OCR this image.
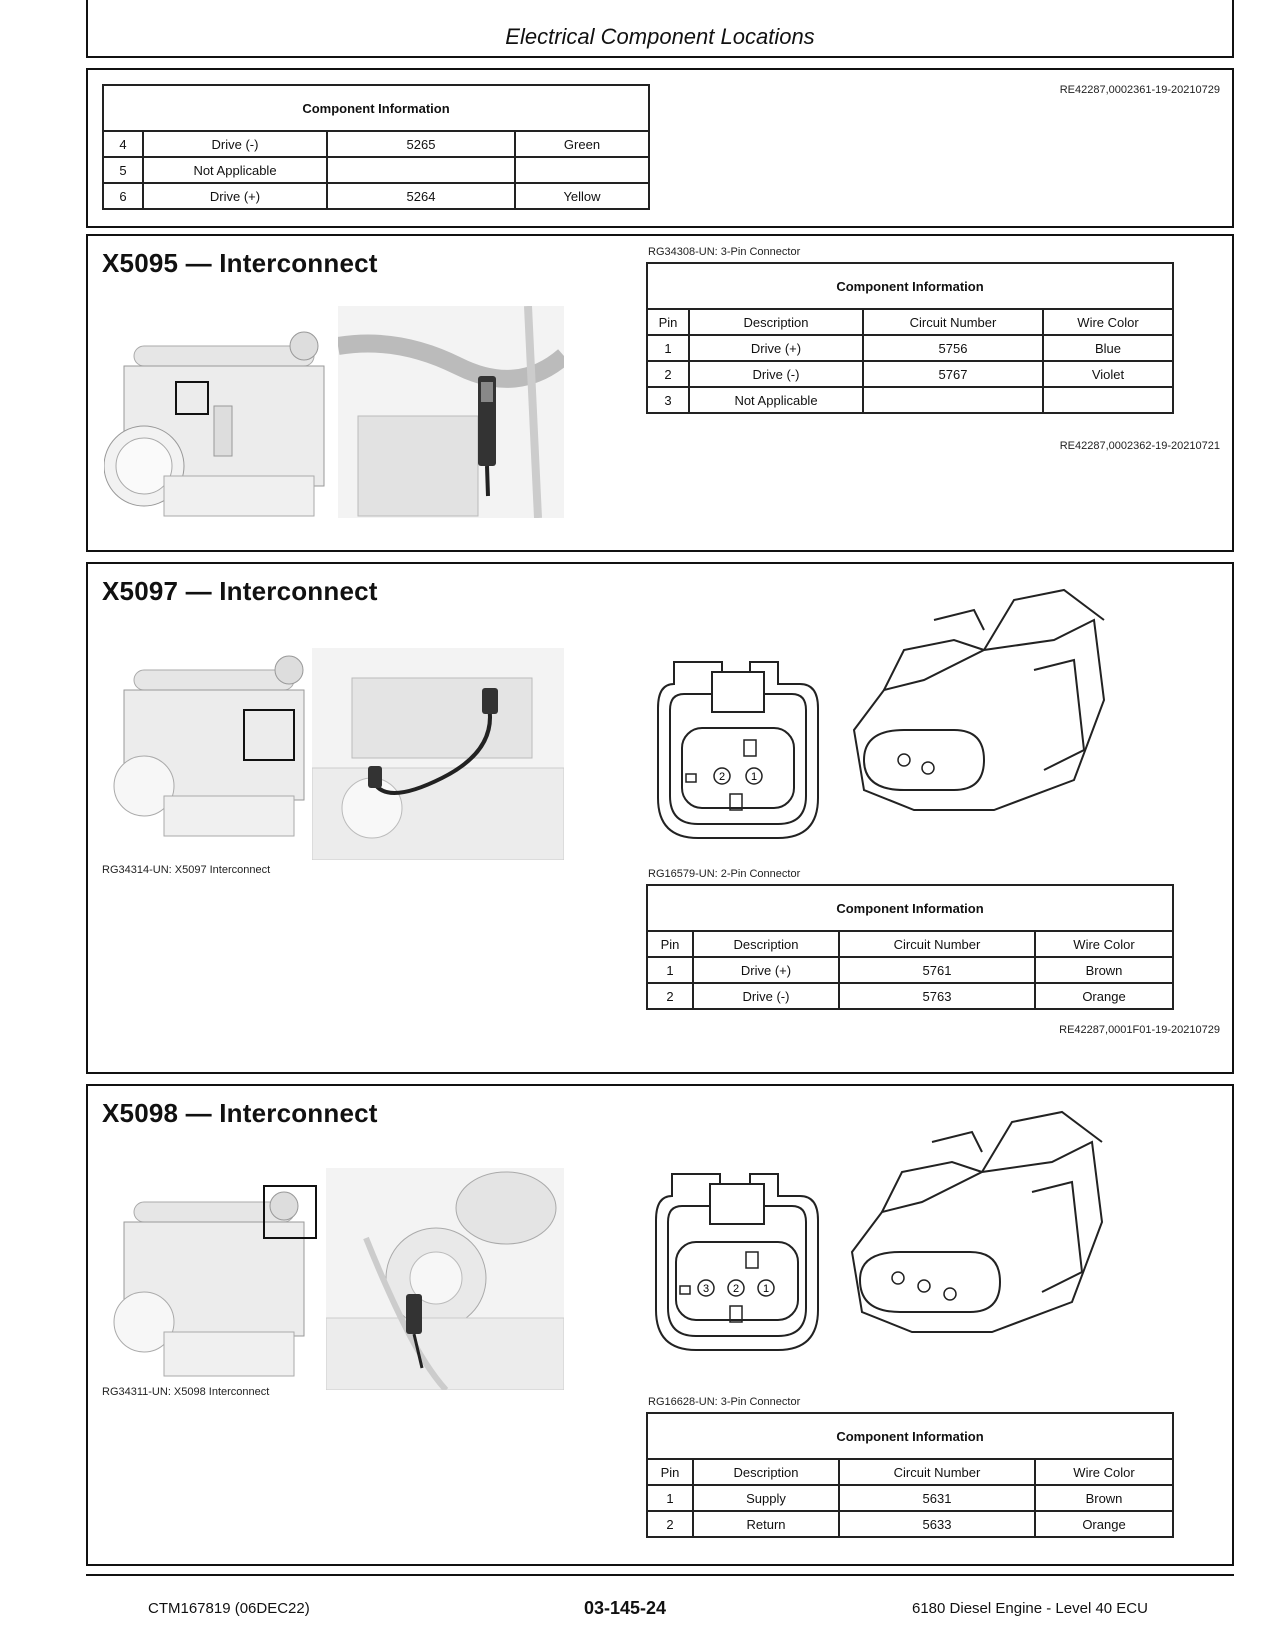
Electrical Component Locations
Component Information			
4	Drive (-)	5265	Green
5	Not Applicable		
6	Drive (+)	5264	Yellow
RE42287,0002361-19-20210729
X5095 — Interconnect	RG34308-UN: 3-Pin Connector
Component Information			
Pin	Description	Circuit Number	Wire Color
1	Drive (+)	5756	Blue
2	Drive (-)	5767	Violet
3	Not Applicable		
RE42287,0002362-19-20210721
X5097 — Interconnect
RG34314-UN: X5097 Interconnect
2 1
RG16579-UN: 2-Pin Connector
Component Information			
Pin	Description	Circuit Number	Wire Color
1	Drive (+)	5761	Brown
2	Drive (-)	5763	Orange
RE42287,0001F01-19-20210729
X5098 — Interconnect
RG34311-UN: X5098 Interconnect
3 2 1
RG16628-UN: 3-Pin Connector
Component Information			
Pin	Description	Circuit Number	Wire Color
1	Supply	5631	Brown
2	Return	5633	Orange
CTM167819 (06DEC22)	03-145-24	6180 Diesel Engine - Level 40 ECU
